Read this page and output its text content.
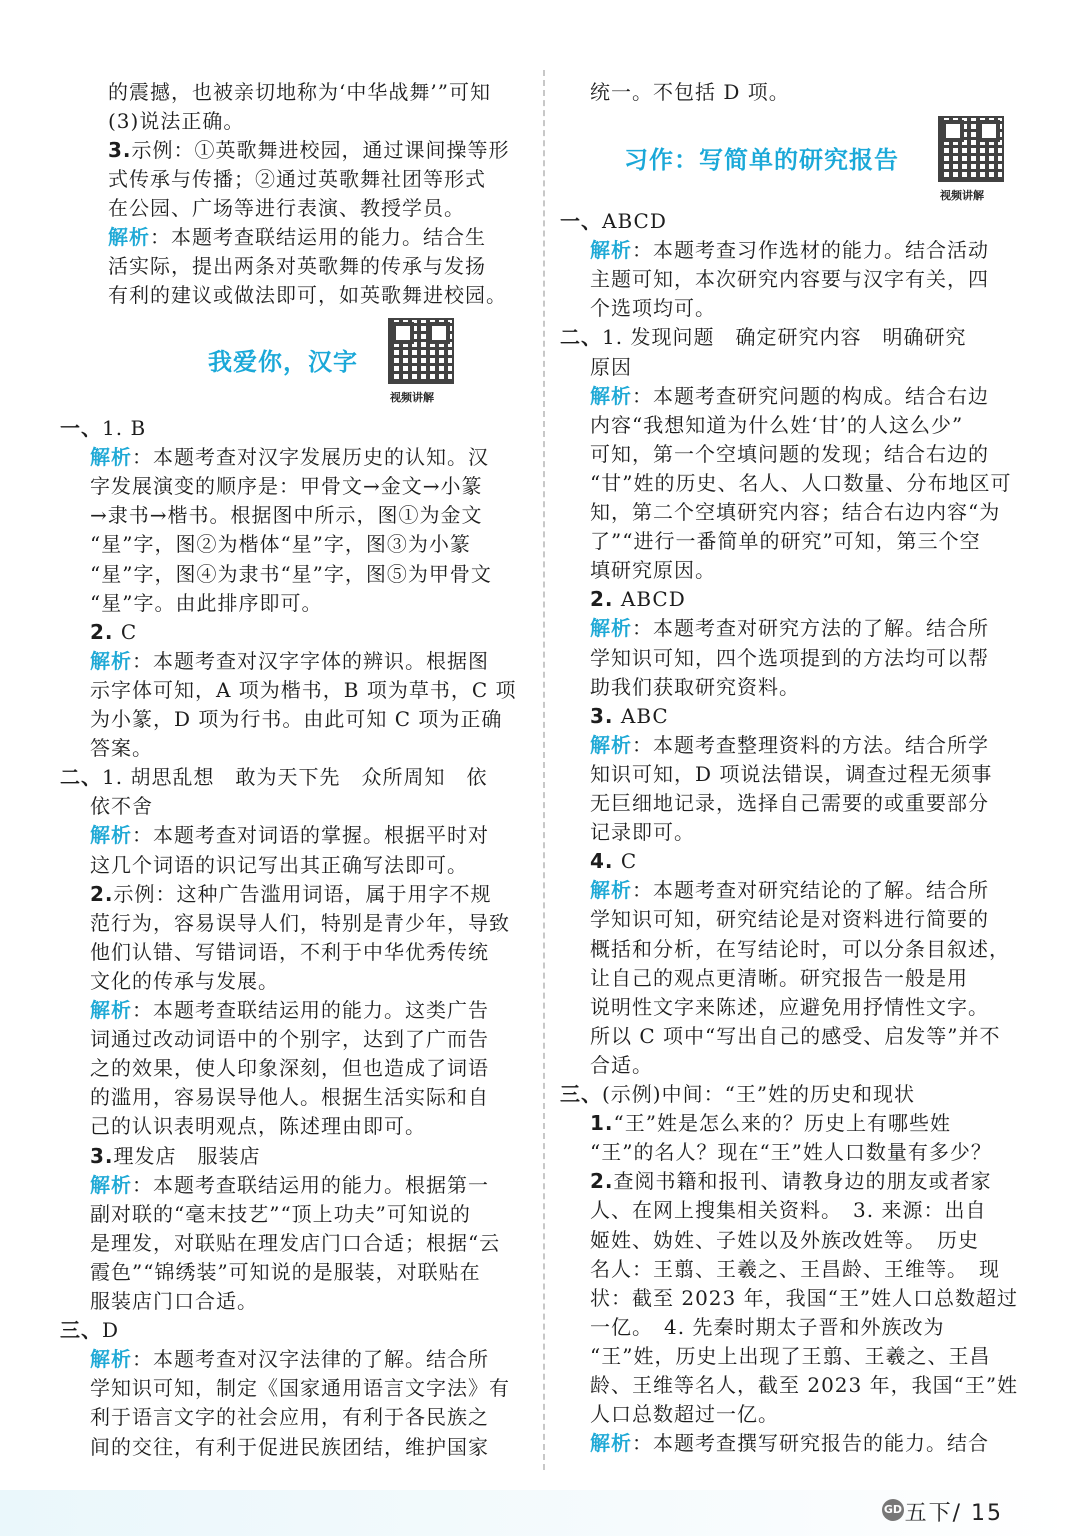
的震撼，也被亲切地称为‘中华战舞’”可知
(3)说法正确。
3.示例：①英歌舞进校园，通过课间操等形
式传承与传播；②通过英歌舞社团等形式
在公园、广场等进行表演、教授学员。
解析：本题考查联结运用的能力。结合生
活实际，提出两条对英歌舞的传承与发扬
有利的建议或做法即可，如英歌舞进校园。
我爱你，汉字
视频讲解
一、1. B
解析：本题考查对汉字发展历史的认知。汉
字发展演变的顺序是：甲骨文→金文→小篆
→隶书→楷书。根据图中所示，图①为金文
“星”字，图②为楷体“星”字，图③为小篆
“星”字，图④为隶书“星”字，图⑤为甲骨文
“星”字。由此排序即可。
2. C
解析：本题考查对汉字字体的辨识。根据图
示字体可知，A 项为楷书，B 项为草书，C 项
为小篆，D 项为行书。由此可知 C 项为正确
答案。
二、1. 胡思乱想　敢为天下先　众所周知　依
依不舍
解析：本题考查对词语的掌握。根据平时对
这几个词语的识记写出其正确写法即可。
2.示例：这种广告滥用词语，属于用字不规
范行为，容易误导人们，特别是青少年，导致
他们认错、写错词语，不利于中华优秀传统
文化的传承与发展。
解析：本题考查联结运用的能力。这类广告
词通过改动词语中的个别字，达到了广而告
之的效果，使人印象深刻，但也造成了词语
的滥用，容易误导他人。根据生活实际和自
己的认识表明观点，陈述理由即可。
3.理发店　服装店
解析：本题考查联结运用的能力。根据第一
副对联的“毫末技艺”“顶上功夫”可知说的
是理发，对联贴在理发店门口合适；根据“云
霞色”“锦绣装”可知说的是服装，对联贴在
服装店门口合适。
三、D
解析：本题考查对汉字法律的了解。结合所
学知识可知，制定《国家通用语言文字法》有
利于语言文字的社会应用，有利于各民族之
间的交往，有利于促进民族团结，维护国家
统一。不包括 D 项。
习作：写简单的研究报告
视频讲解
一、ABCD
解析：本题考查习作选材的能力。结合活动
主题可知，本次研究内容要与汉字有关，四
个选项均可。
二、1. 发现问题　确定研究内容　明确研究
原因
解析：本题考查研究问题的构成。结合右边
内容“我想知道为什么姓‘甘’的人这么少”
可知，第一个空填问题的发现；结合右边的
“甘”姓的历史、名人、人口数量、分布地区可
知，第二个空填研究内容；结合右边内容“为
了”“进行一番简单的研究”可知，第三个空
填研究原因。
2. ABCD
解析：本题考查对研究方法的了解。结合所
学知识可知，四个选项提到的方法均可以帮
助我们获取研究资料。
3. ABC
解析：本题考查整理资料的方法。结合所学
知识可知，D 项说法错误，调查过程无须事
无巨细地记录，选择自己需要的或重要部分
记录即可。
4. C
解析：本题考查对研究结论的了解。结合所
学知识可知，研究结论是对资料进行简要的
概括和分析，在写结论时，可以分条目叙述，
让自己的观点更清晰。研究报告一般是用
说明性文字来陈述，应避免用抒情性文字。
所以 C 项中“写出自己的感受、启发等”并不
合适。
三、(示例)中间：“王”姓的历史和现状
1.“王”姓是怎么来的？历史上有哪些姓
“王”的名人？现在“王”姓人口数量有多少？
2.查阅书籍和报刊、请教身边的朋友或者家
人、在网上搜集相关资料。　3. 来源：出自
姬姓、妫姓、子姓以及外族改姓等。　历史
名人：王翦、王羲之、王昌龄、王维等。　现
状：截至 2023 年，我国“王”姓人口总数超过
一亿。　4. 先秦时期太子晋和外族改为
“王”姓，历史上出现了王翦、王羲之、王昌
龄、王维等名人，截至 2023 年，我国“王”姓
人口总数超过一亿。
解析：本题考查撰写研究报告的能力。结合
GD 五下/ 15
